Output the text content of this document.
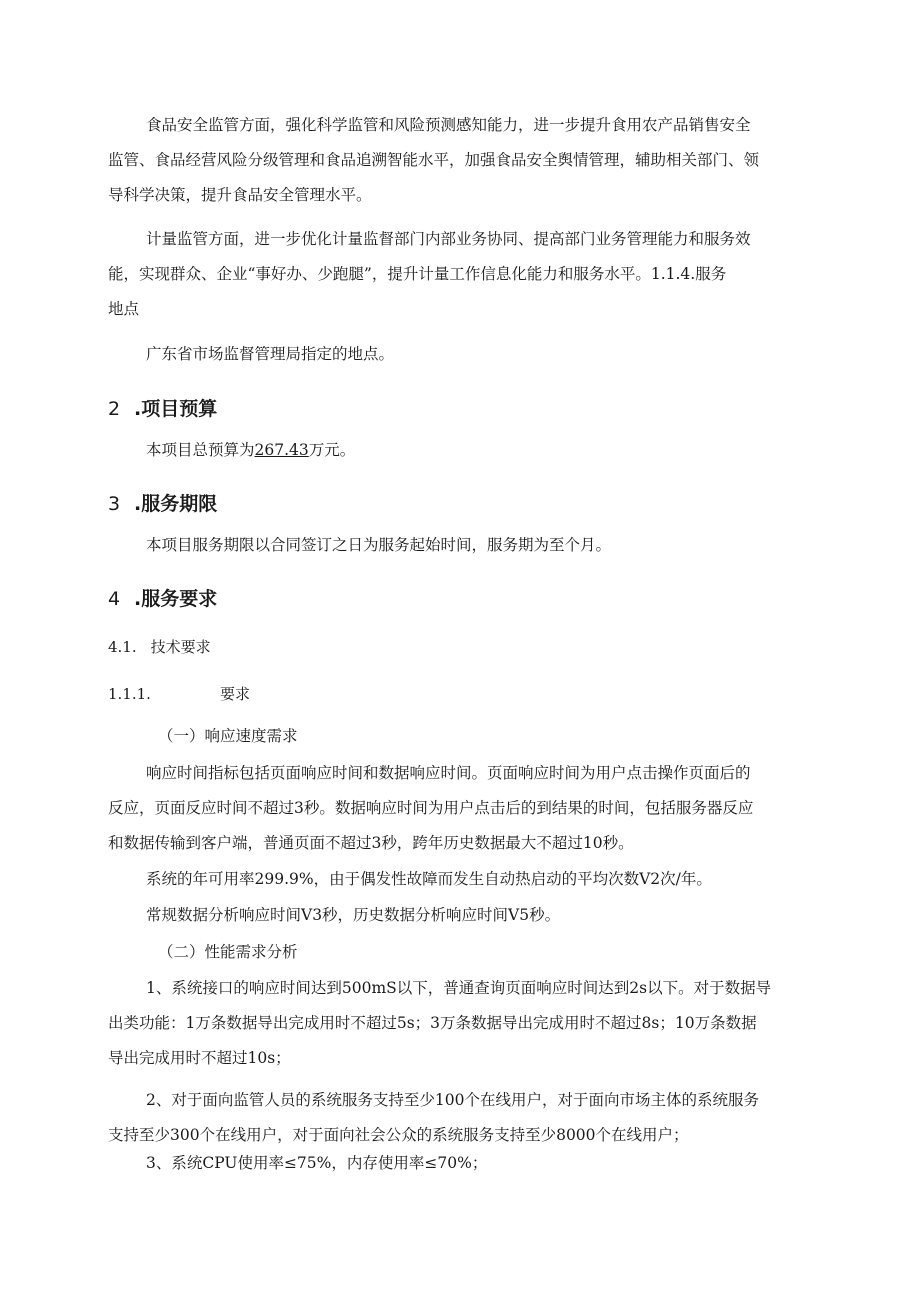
食品安全监管方面，强化科学监管和风险预测感知能力，进一步提升食用农产品销售安全
监管、食品经营风险分级管理和食品追溯智能水平，加强食品安全舆情管理，辅助相关部门、领
导科学决策，提升食品安全管理水平。
计量监管方面，进一步优化计量监督部门内部业务协同、提高部门业务管理能力和服务效
能，实现群众、企业“事好办、少跑腿”，提升计量工作信息化能力和服务水平。1.1.4.服务
地点
广东省市场监督管理局指定的地点。
2 .项目预算
本项目总预算为267.43万元。
3 .服务期限
本项目服务期限以合同签订之日为服务起始时间，服务期为至个月。
4 .服务要求
4.1. 技术要求
1.1.1.	要求
（一）响应速度需求
响应时间指标包括页面响应时间和数据响应时间。页面响应时间为用户点击操作页面后的
反应，页面反应时间不超过3秒。数据响应时间为用户点击后的到结果的时间，包括服务器反应
和数据传输到客户端，普通页面不超过3秒，跨年历史数据最大不超过10秒。
系统的年可用率299.9%，由于偶发性故障而发生自动热启动的平均次数V2次/年。
常规数据分析响应时间V3秒，历史数据分析响应时间V5秒。
（二）性能需求分析
1、系统接口的响应时间达到500mS以下，普通查询页面响应时间达到2s以下。对于数据导
出类功能：1万条数据导出完成用时不超过5s；3万条数据导出完成用时不超过8s；10万条数据
导出完成用时不超过10s；
2、对于面向监管人员的系统服务支持至少100个在线用户，对于面向市场主体的系统服务
支持至少300个在线用户，对于面向社会公众的系统服务支持至少8000个在线用户；
3、系统CPU使用率≤75%，内存使用率≤70%；
